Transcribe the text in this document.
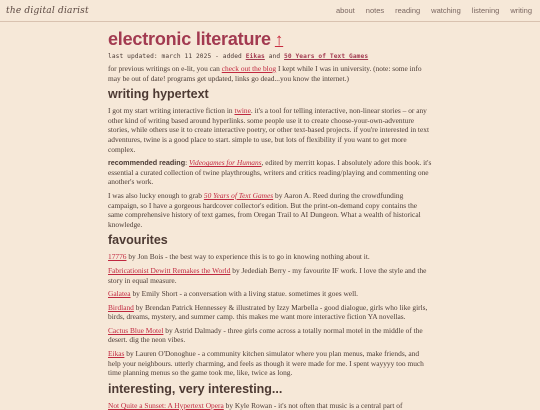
the digital diarist	about notes reading watching listening writing
electronic literature ↑
last updated: march 11 2025 - added Eikas and 50 Years of Text Games

for previous writings on e-lit, you can check out the blog I kept while I was in university. (note: some info may be out of date! programs get updated, links go dead...you know the internet.)

writing hypertext

I got my start writing interactive fiction in twine. it's a tool for telling interactive, non-linear stories – or any other kind of writing based around hyperlinks. some people use it to create choose-your-own-adventure stories, while others use it to create interactive poetry, or other text-based projects. if you're interested in text adventures, twine is a good place to start. simple to use, but lots of flexibility if you want to get more complex.

recommended reading: Videogames for Humans, edited by merritt kopas. I absolutely adore this book. it's essential a curated collection of twine playthroughs, writers and critics reading/playing and commenting one another's work.

I was also lucky enough to grab 50 Years of Text Games by Aaron A. Reed during the crowdfunding campaign, so I have a gorgeous hardcover collector's edition. But the print-on-demand copy contains the same comprehensive history of text games, from Oregan Trail to AI Dungeon. What a wealth of historical knowledge.

favourites

17776 by Jon Bois - the best way to experience this is to go in knowing nothing about it.

Fabricationist Dewitt Remakes the World by Jedediah Berry - my favourite IF work. I love the style and the story in equal measure.

Galatea by Emily Short - a conversation with a living statue. sometimes it goes well.

Birdland by Brendan Patrick Hennessey & illustrated by Izzy Marbella - good dialogue, girls who like girls, birds, dreams, mystery, and summer camp. this makes me want more interactive fiction YA novellas.

Cactus Blue Motel by Astrid Dalmady - three girls come across a totally normal motel in the middle of the desert. dig the neon vibes.

Eikas by Lauren O'Donoghue - a community kitchen simulator where you plan menus, make friends, and help your neighbours. utterly charming, and feels as though it were made for me. I spent wayyyy too much time planning menus so the game took me, like, twice as long.

interesting, very interesting...

Not Quite a Sunset: A Hypertext Opera by Kyle Rowan - it's not often that music is a central part of
